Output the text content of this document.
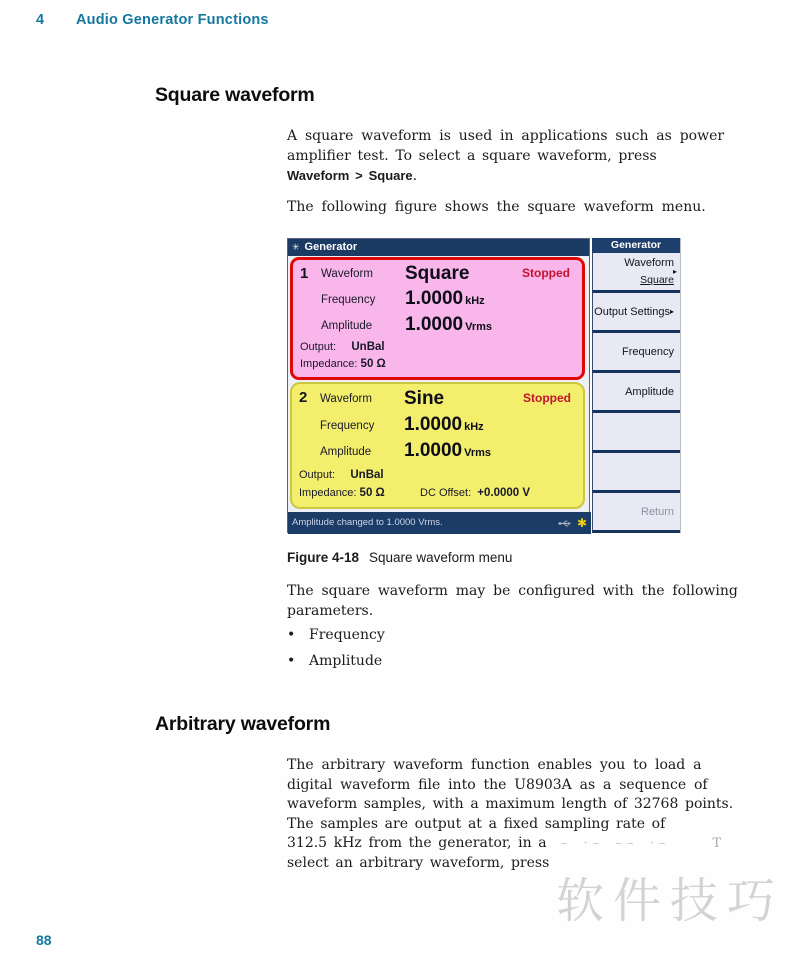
4 Audio Generator Functions
Square waveform
A square waveform is used in applications such as power
amplifier test. To select a square waveform, press
Waveform > Square.
The following figure shows the square waveform menu.
✳ Generator
1 Waveform Square	Stopped
Frequency 1.0000 kHz
Amplitude 1.0000 Vrms
Output: UnBal
Impedance: 50 Ω
2 Waveform Sine	Stopped
Frequency 1.0000 kHz
Amplitude 1.0000 Vrms
Output: UnBal
Impedance: 50 Ω	DC Offset: +0.0000 V
Amplitude changed to 1.0000 Vrms.	✱
Generator
Waveform
▸
Square
Output Settings ▸
Frequency
Amplitude
Return
Figure 4-18 Square waveform menu
The square waveform may be configured with the following
parameters.
• Frequency
• Amplitude
Arbitrary waveform
The arbitrary waveform function enables you to load a
digital waveform file into the U8903A as a sequence of
waveform samples, with a maximum length of 32768 points.
The samples are output at a fixed sampling rate of
312.5 kHz from the generator, in a – ·– –– ·–	T
select an arbitrary waveform, press
软件技巧
88
